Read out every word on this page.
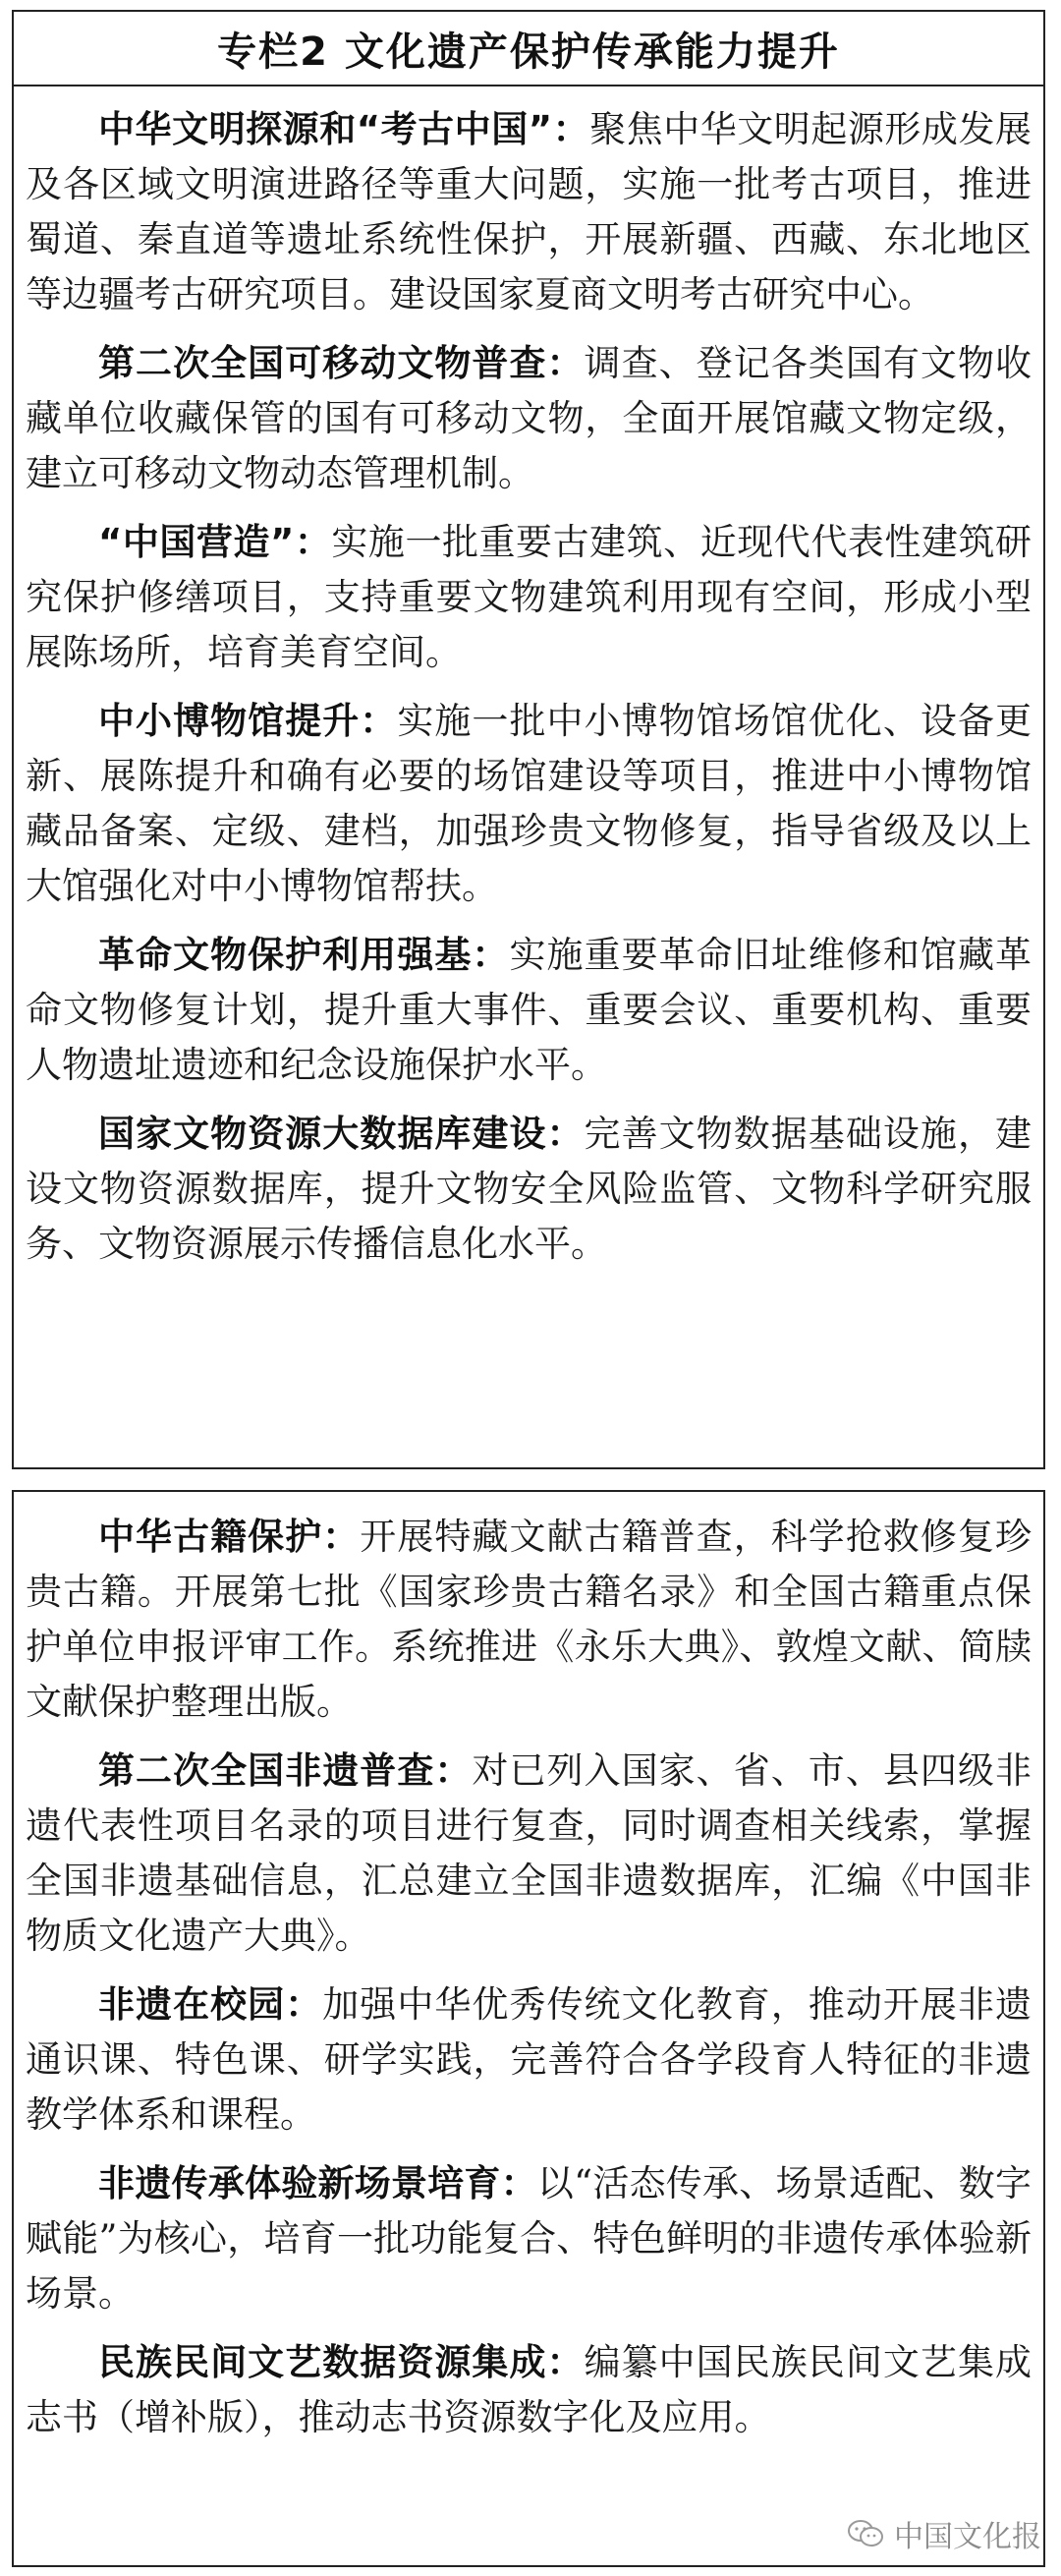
专栏2 文化遗产保护传承能力提升

中华文明探源和“考古中国”：聚焦中华文明起源形成发展及各区域文明演进路径等重大问题，实施一批考古项目，推进蜀道、秦直道等遗址系统性保护，开展新疆、西藏、东北地区等边疆考古研究项目。建设国家夏商文明考古研究中心。

第二次全国可移动文物普查：调查、登记各类国有文物收藏单位收藏保管的国有可移动文物，全面开展馆藏文物定级，建立可移动文物动态管理机制。

“中国营造”：实施一批重要古建筑、近现代代表性建筑研究保护修缮项目，支持重要文物建筑利用现有空间，形成小型展陈场所，培育美育空间。

中小博物馆提升：实施一批中小博物馆场馆优化、设备更新、展陈提升和确有必要的场馆建设等项目，推进中小博物馆藏品备案、定级、建档，加强珍贵文物修复，指导省级及以上大馆强化对中小博物馆帮扶。

革命文物保护利用强基：实施重要革命旧址维修和馆藏革命文物修复计划，提升重大事件、重要会议、重要机构、重要人物遗址遗迹和纪念设施保护水平。

国家文物资源大数据库建设：完善文物数据基础设施，建设文物资源数据库，提升文物安全风险监管、文物科学研究服务、文物资源展示传播信息化水平。

中华古籍保护：开展特藏文献古籍普查，科学抢救修复珍贵古籍。开展第七批《国家珍贵古籍名录》和全国古籍重点保护单位申报评审工作。系统推进《永乐大典》、敦煌文献、简牍文献保护整理出版。

第二次全国非遗普查：对已列入国家、省、市、县四级非遗代表性项目名录的项目进行复查，同时调查相关线索，掌握全国非遗基础信息，汇总建立全国非遗数据库，汇编《中国非物质文化遗产大典》。

非遗在校园：加强中华优秀传统文化教育，推动开展非遗通识课、特色课、研学实践，完善符合各学段育人特征的非遗教学体系和课程。

非遗传承体验新场景培育：以“活态传承、场景适配、数字赋能”为核心，培育一批功能复合、特色鲜明的非遗传承体验新场景。

民族民间文艺数据资源集成：编纂中国民族民间文艺集成志书（增补版），推动志书资源数字化及应用。

中国文化报
